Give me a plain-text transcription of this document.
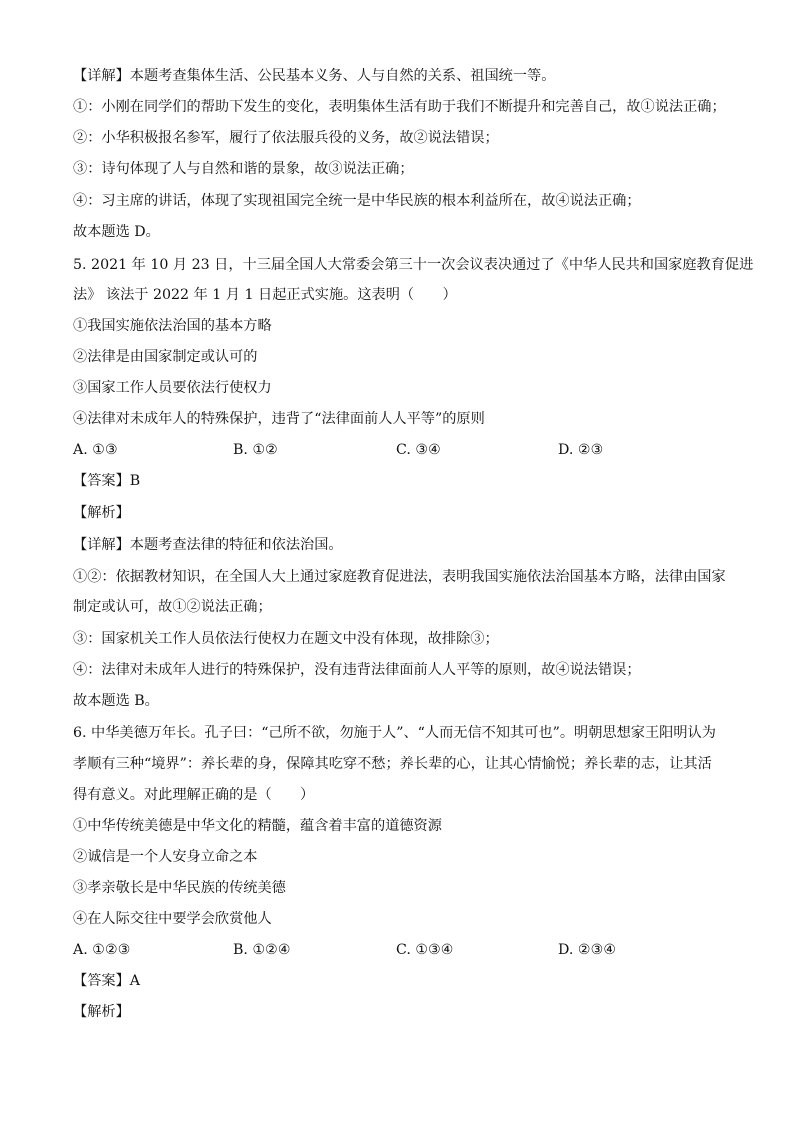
【详解】本题考查集体生活、公民基本义务、人与自然的关系、祖国统一等。
①：小刚在同学们的帮助下发生的变化，表明集体生活有助于我们不断提升和完善自己，故①说法正确；
②：小华积极报名参军，履行了依法服兵役的义务，故②说法错误；
③：诗句体现了人与自然和谐的景象，故③说法正确；
④：习主席的讲话，体现了实现祖国完全统一是中华民族的根本利益所在，故④说法正确；
故本题选 D。
5. 2021 年 10 月 23 日，十三届全国人大常委会第三十一次会议表决通过了《中华人民共和国家庭教育促进
法》 该法于 2022 年 1 月 1 日起正式实施。这表明（　　）
①我国实施依法治国的基本方略
②法律是由国家制定或认可的
③国家工作人员要依法行使权力
④法律对未成年人的特殊保护，违背了“法律面前人人平等”的原则
A. ①③	B. ①②	C. ③④	D. ②③
【答案】B
【解析】
【详解】本题考查法律的特征和依法治国。
①②：依据教材知识，在全国人大上通过家庭教育促进法，表明我国实施依法治国基本方略，法律由国家
制定或认可，故①②说法正确；
③：国家机关工作人员依法行使权力在题文中没有体现，故排除③；
④：法律对未成年人进行的特殊保护，没有违背法律面前人人平等的原则，故④说法错误；
故本题选 B。
6. 中华美德万年长。孔子曰：“己所不欲，勿施于人”、“人而无信不知其可也”。明朝思想家王阳明认为
孝顺有三种“境界”：养长辈的身，保障其吃穿不愁；养长辈的心，让其心情愉悦；养长辈的志，让其活
得有意义。对此理解正确的是（　　）
①中华传统美德是中华文化的精髓，蕴含着丰富的道德资源
②诚信是一个人安身立命之本
③孝亲敬长是中华民族的传统美德
④在人际交往中要学会欣赏他人
A. ①②③	B. ①②④	C. ①③④	D. ②③④
【答案】A
【解析】
